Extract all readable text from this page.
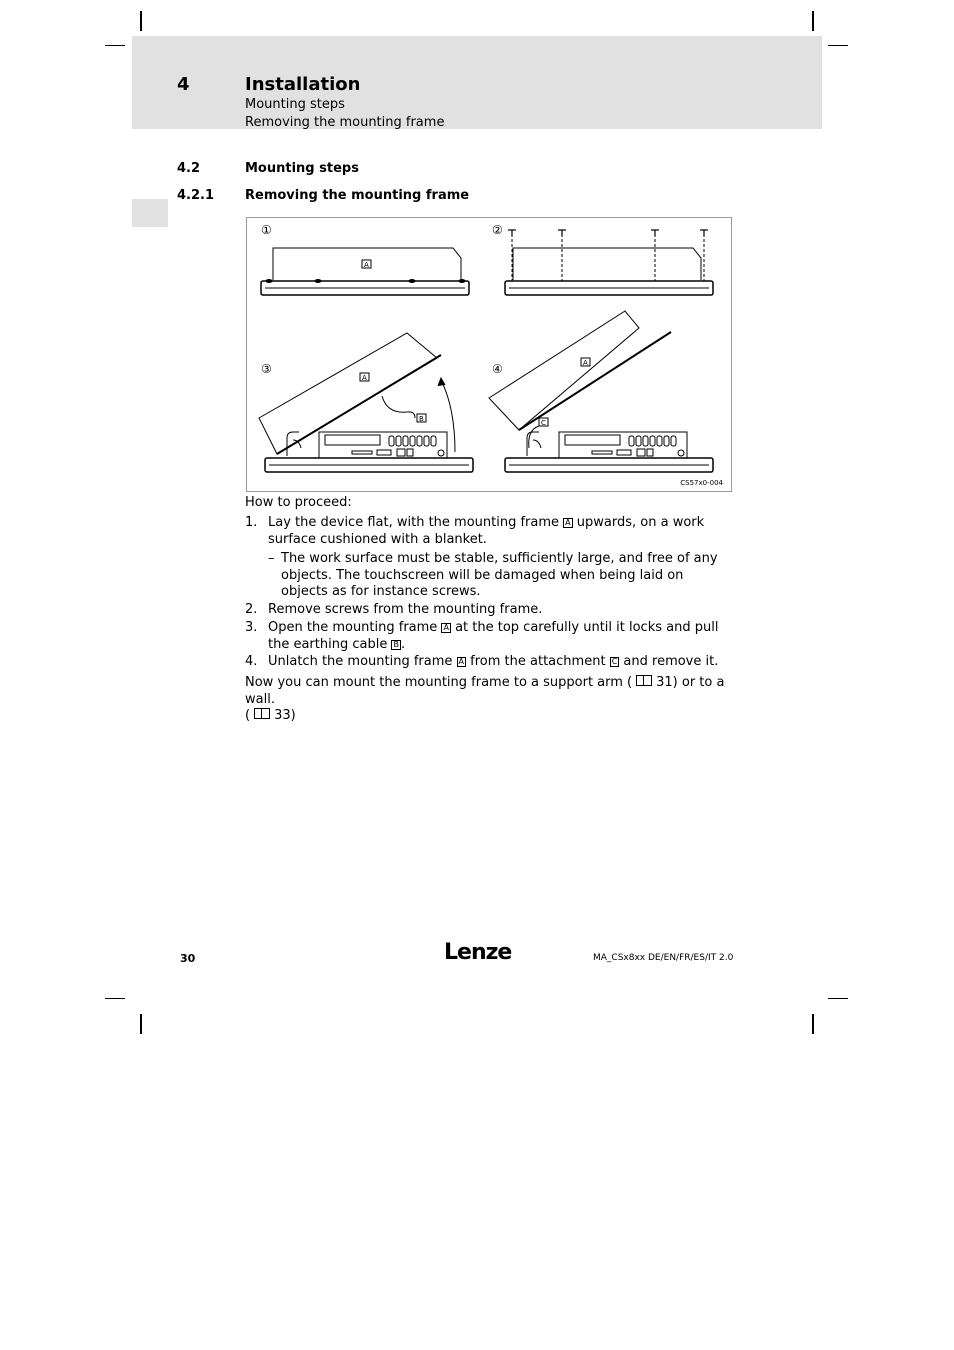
4	Installation
Mounting steps
Removing the mounting frame
4.2	Mounting steps
4.2.1 Removing the mounting frame
①	②
③	④
A
A
B
A
C
CS57x0-004
How to proceed:
1. Lay the device flat, with the mounting frame A upwards, on a work surface cushioned with a blanket.
– The work surface must be stable, sufficiently large, and free of any objects. The touchscreen will be damaged when being laid on objects as for instance screws.
2. Remove screws from the mounting frame.
3. Open the mounting frame A at the top carefully until it locks and pull the earthing cable B .
4. Unlatch the mounting frame A from the attachment C and remove it.
Now you can mount the mounting frame to a support arm ( 31) or to a wall.
( 33)
30	Lenze	MA_CSx8xx DE/EN/FR/ES/IT 2.0
